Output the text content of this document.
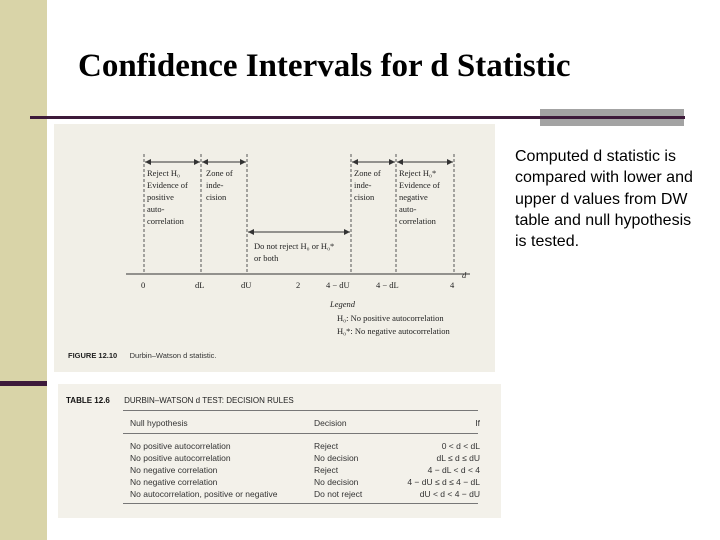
Confidence Intervals for d Statistic
Reject H₀ Evidence of positive auto- correlation
Zone of inde- cision
Do not reject H₀ or H₀* or both
Zone of inde- cision
Reject H₀* Evidence of negative auto- correlation
d
0	dL	dU	2	4 − dU	4 − dL	4
Legend
H₀: No positive autocorrelation
H₀*: No negative autocorrelation
FIGURE 12.10 Durbin–Watson d statistic.

Computed d statistic is compared with lower and upper d values from DW table and null hypothesis is tested.

TABLE 12.6 DURBIN–WATSON d TEST: DECISION RULES
Null hypothesis	Decision	If
No positive autocorrelation	Reject	0 < d < dL
No positive autocorrelation	No decision	dL ≤ d ≤ dU
No negative correlation	Reject	4 − dL < d < 4
No negative correlation	No decision	4 − dU ≤ d ≤ 4 − dL
No autocorrelation, positive or negative	Do not reject	dU < d < 4 − dU
